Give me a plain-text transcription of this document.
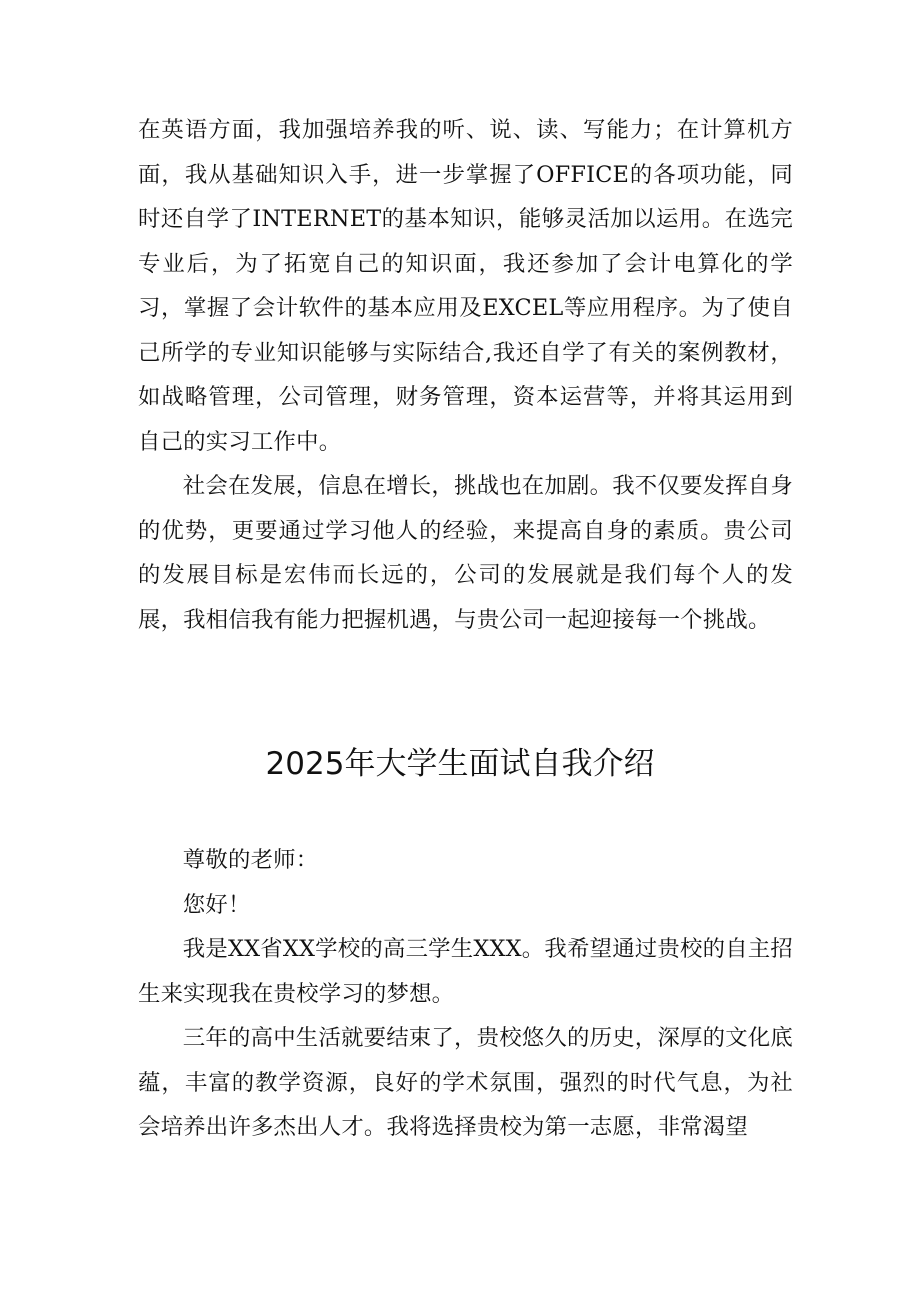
在英语方面，我加强培养我的听、说、读、写能力；在计算机方面，我从基础知识入手，进一步掌握了OFFICE的各项功能，同时还自学了INTERNET的基本知识，能够灵活加以运用。在选完专业后，为了拓宽自己的知识面，我还参加了会计电算化的学习，掌握了会计软件的基本应用及EXCEL等应用程序。为了使自己所学的专业知识能够与实际结合,我还自学了有关的案例教材，如战略管理，公司管理，财务管理，资本运营等，并将其运用到自己的实习工作中。

社会在发展，信息在增长，挑战也在加剧。我不仅要发挥自身的优势，更要通过学习他人的经验，来提高自身的素质。贵公司的发展目标是宏伟而长远的，公司的发展就是我们每个人的发展，我相信我有能力把握机遇，与贵公司一起迎接每一个挑战。

2025年大学生面试自我介绍

尊敬的老师：

您好！

我是XX省XX学校的高三学生XXX。我希望通过贵校的自主招生来实现我在贵校学习的梦想。

三年的高中生活就要结束了，贵校悠久的历史，深厚的文化底蕴，丰富的教学资源，良好的学术氛围，强烈的时代气息，为社会培养出许多杰出人才。我将选择贵校为第一志愿，非常渴望
